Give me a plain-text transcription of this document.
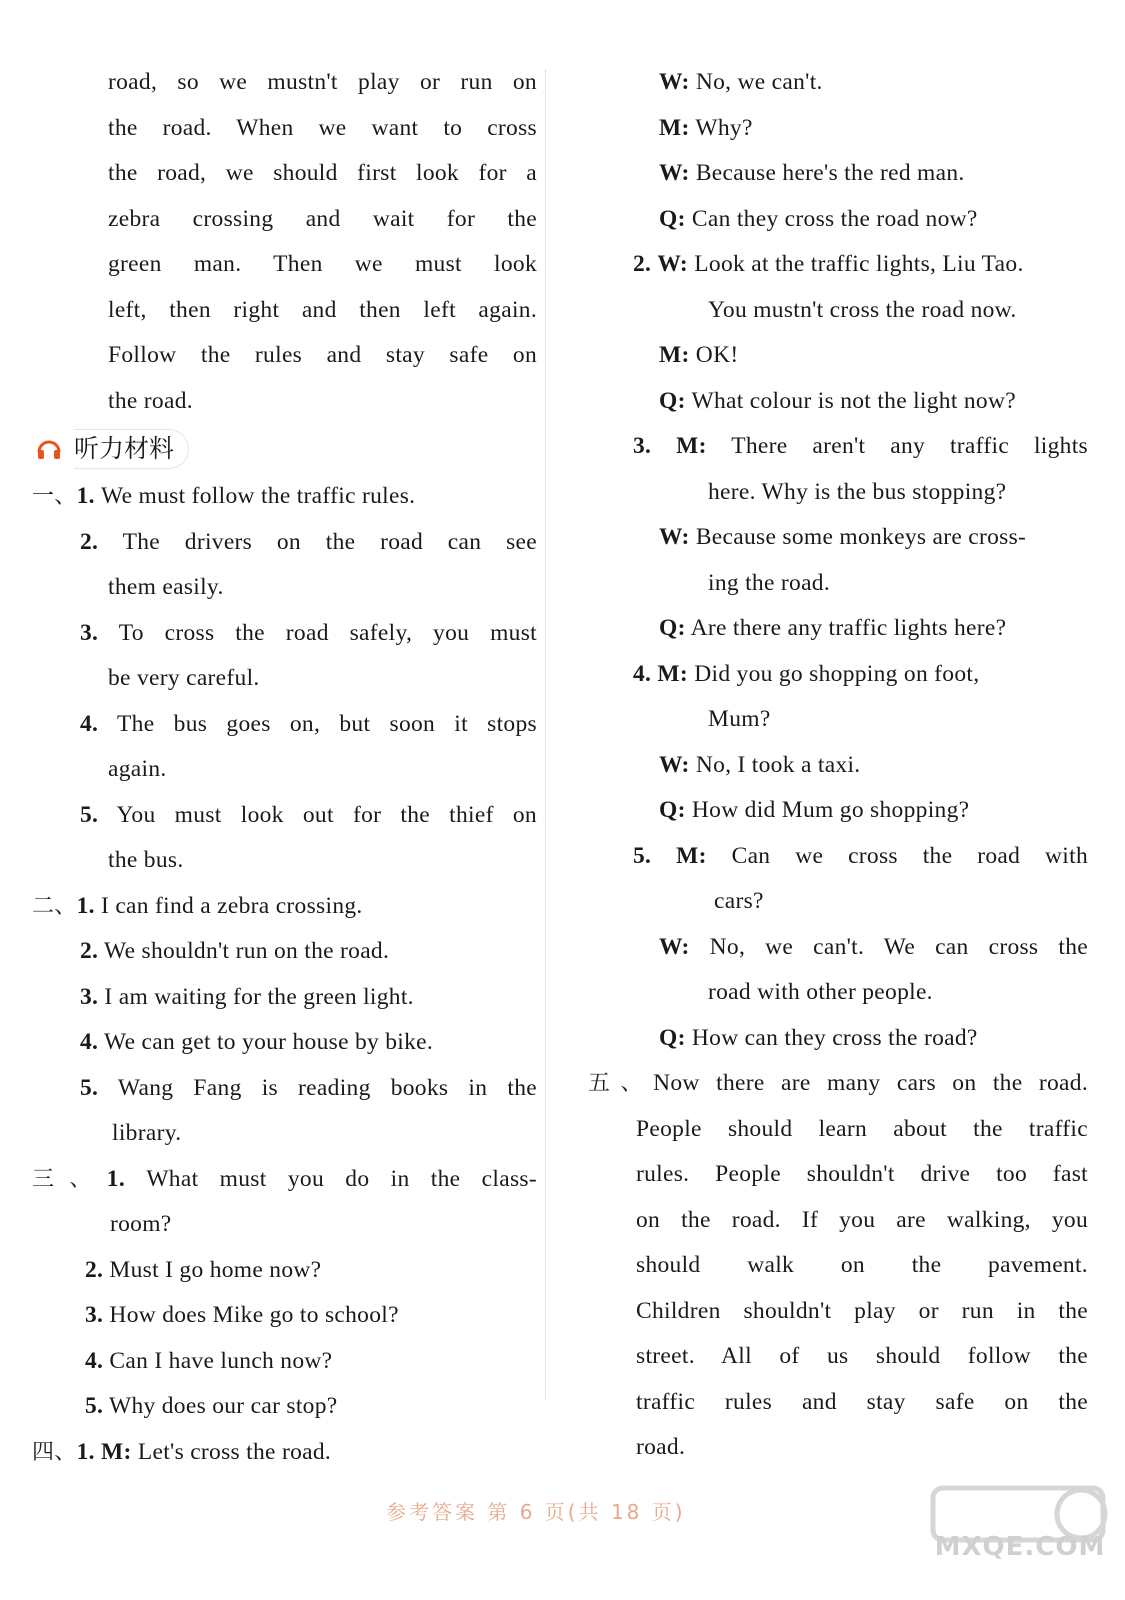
road, so we mustn't play or run on
the road. When we want to cross
the road, we should first look for a
zebra crossing and wait for the
green man. Then we must look
left, then right and then left again.
Follow the rules and stay safe on
the road.
听力材料
一、1. We must follow the traffic rules.
2. The drivers on the road can see
them easily.
3. To cross the road safely, you must
be very careful.
4. The bus goes on, but soon it stops
again.
5. You must look out for the thief on
the bus.
二、1. I can find a zebra crossing.
2. We shouldn't run on the road.
3. I am waiting for the green light.
4. We can get to your house by bike.
5. Wang Fang is reading books in the
library.
三、1. What must you do in the class-
room?
2. Must I go home now?
3. How does Mike go to school?
4. Can I have lunch now?
5. Why does our car stop?
四、1. M: Let's cross the road.
W: No, we can't.
M: Why?
W: Because here's the red man.
Q: Can they cross the road now?
2. W: Look at the traffic lights, Liu Tao.
You mustn't cross the road now.
M: OK!
Q: What colour is not the light now?
3. M: There aren't any traffic lights
here. Why is the bus stopping?
W: Because some monkeys are cross-
ing the road.
Q: Are there any traffic lights here?
4. M: Did you go shopping on foot,
Mum?
W: No, I took a taxi.
Q: How did Mum go shopping?
5. M: Can we cross the road with
cars?
W: No, we can't. We can cross the
road with other people.
Q: How can they cross the road?
五、Now there are many cars on the road.
People should learn about the traffic
rules. People shouldn't drive too fast
on the road. If you are walking, you
should walk on the pavement.
Children shouldn't play or run in the
street. All of us should follow the
traffic rules and stay safe on the
road.
参考答案 第 6 页(共 18 页)
MXQE.COM
